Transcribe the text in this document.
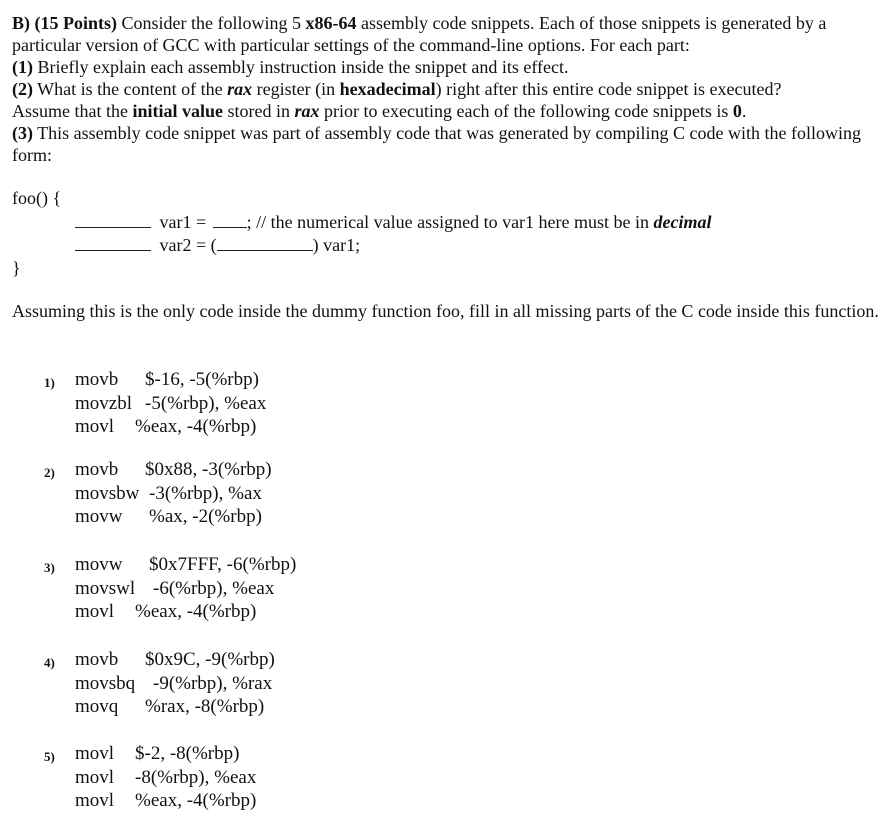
B) (15 Points) Consider the following 5 x86-64 assembly code snippets. Each of those snippets is generated by a particular version of GCC with particular settings of the command-line options. For each part:

(1) Briefly explain each assembly instruction inside the snippet and its effect.

(2) What is the content of the rax register (in hexadecimal) right after this entire code snippet is executed?

Assume that the initial value stored in rax prior to executing each of the following code snippets is 0.

(3) This assembly code snippet was part of assembly code that was generated by compiling C code with the following form:

foo() {
var1 = ; // the numerical value assigned to var1 here must be in decimal
var2 = (	) var1;
}
Assuming this is the only code inside the dummy function foo, fill in all missing parts of the C code inside this function.
1) movb $-16, -5(%rbp)
movzbl -5(%rbp), %eax
movl %eax, -4(%rbp)
2) movb $0x88, -3(%rbp)
movsbw -3(%rbp), %ax
movw %ax, -2(%rbp)
3) movw $0x7FFF, -6(%rbp)
movswl -6(%rbp), %eax
movl %eax, -4(%rbp)
4) movb $0x9C, -9(%rbp)
movsbq -9(%rbp), %rax
movq %rax, -8(%rbp)
5) movl $-2, -8(%rbp)
movl -8(%rbp), %eax
movl %eax, -4(%rbp)
